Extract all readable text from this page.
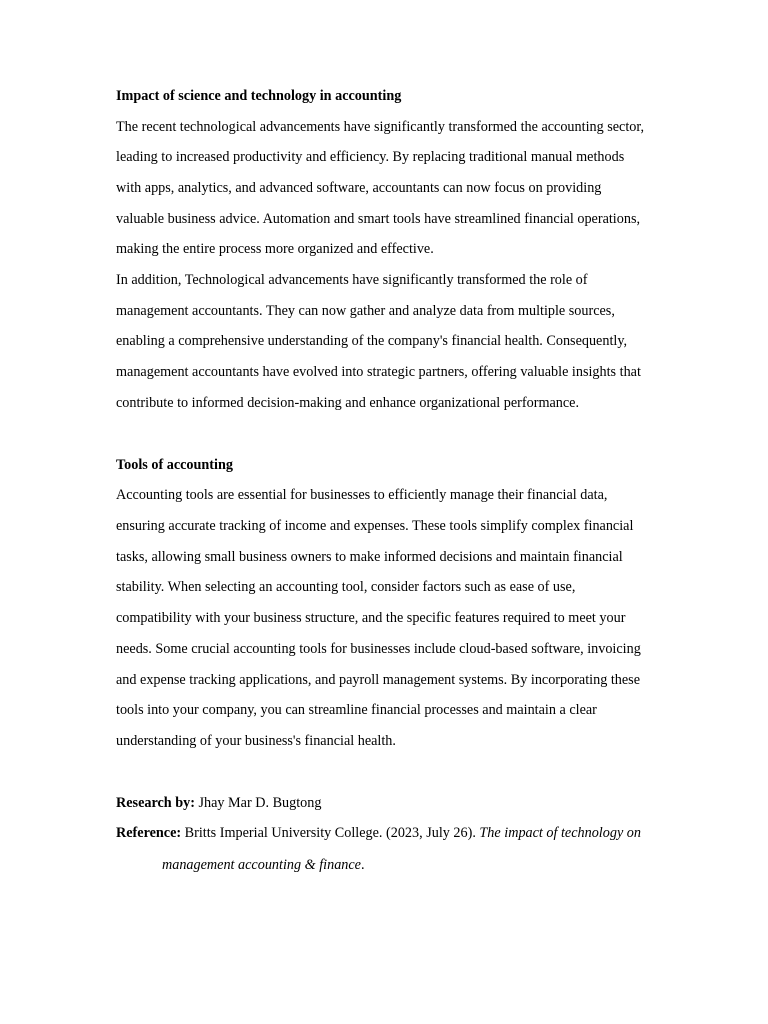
Impact of science and technology in accounting
The recent technological advancements have significantly transformed the accounting sector,
leading to increased productivity and efficiency. By replacing traditional manual methods
with apps, analytics, and advanced software, accountants can now focus on providing
valuable business advice. Automation and smart tools have streamlined financial operations,
making the entire process more organized and effective.
In addition, Technological advancements have significantly transformed the role of
management accountants. They can now gather and analyze data from multiple sources,
enabling a comprehensive understanding of the company's financial health. Consequently,
management accountants have evolved into strategic partners, offering valuable insights that
contribute to informed decision-making and enhance organizational performance.
Tools of accounting
Accounting tools are essential for businesses to efficiently manage their financial data,
ensuring accurate tracking of income and expenses. These tools simplify complex financial
tasks, allowing small business owners to make informed decisions and maintain financial
stability. When selecting an accounting tool, consider factors such as ease of use,
compatibility with your business structure, and the specific features required to meet your
needs. Some crucial accounting tools for businesses include cloud-based software, invoicing
and expense tracking applications, and payroll management systems. By incorporating these
tools into your company, you can streamline financial processes and maintain a clear
understanding of your business's financial health.
Research by: Jhay Mar D. Bugtong
Reference: Britts Imperial University College. (2023, July 26). The impact of technology on
management accounting & finance.
